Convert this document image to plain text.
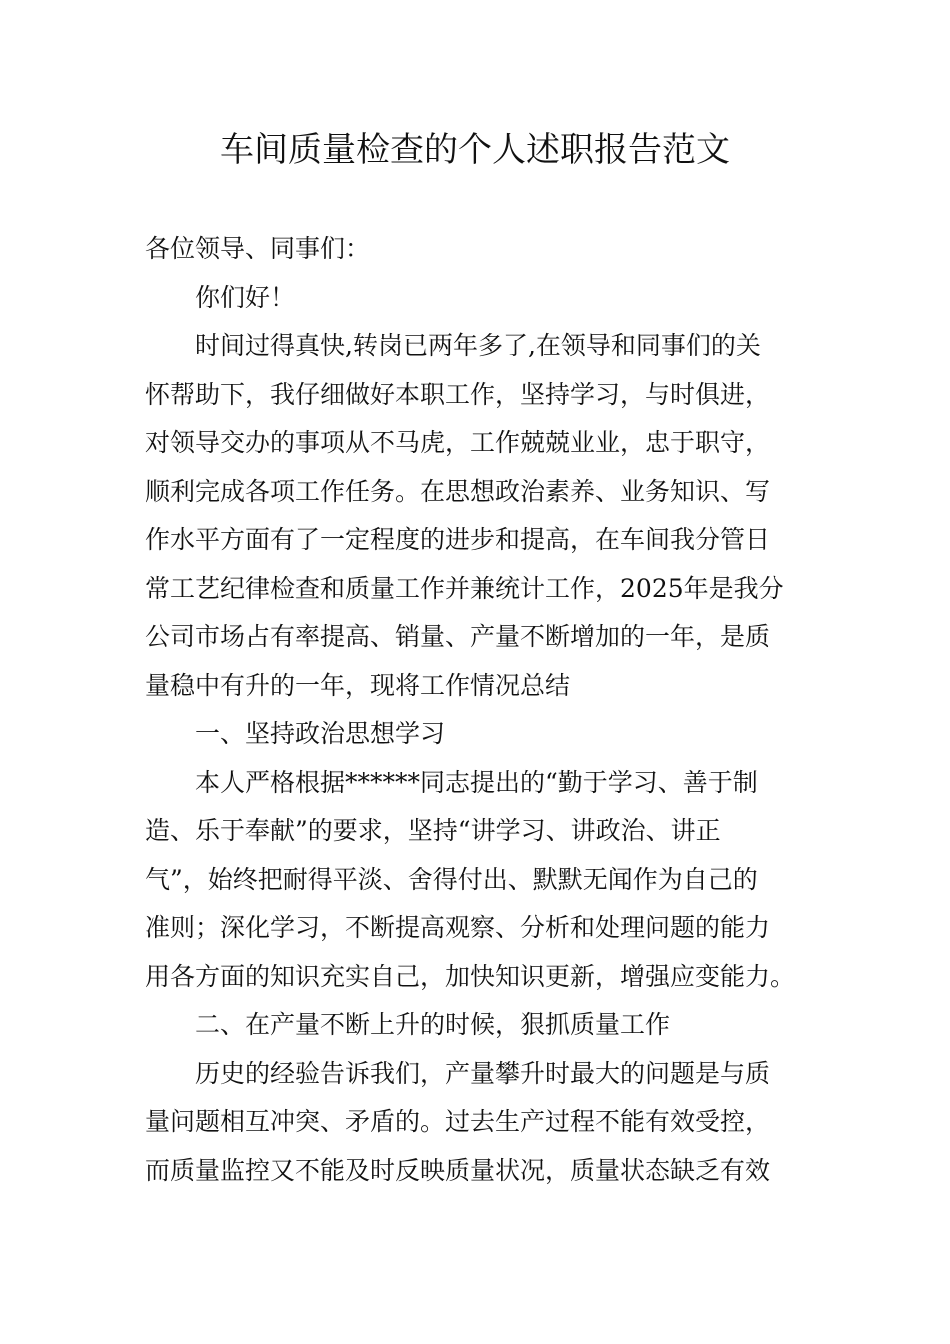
车间质量检查的个人述职报告范文

各位领导、同事们：

你们好！

时间过得真快,转岗已两年多了,在领导和同事们的关
怀帮助下，我仔细做好本职工作，坚持学习，与时俱进，
对领导交办的事项从不马虎，工作兢兢业业，忠于职守，
顺利完成各项工作任务。在思想政治素养、业务知识、写
作水平方面有了一定程度的进步和提高，在车间我分管日
常工艺纪律检查和质量工作并兼统计工作，2025年是我分
公司市场占有率提高、销量、产量不断增加的一年，是质
量稳中有升的一年，现将工作情况总结

一、坚持政治思想学习

本人严格根据******同志提出的“勤于学习、善于制
造、乐于奉献”的要求，坚持“讲学习、讲政治、讲正
气”，始终把耐得平淡、舍得付出、默默无闻作为自己的
准则；深化学习，不断提高观察、分析和处理问题的能力
用各方面的知识充实自己，加快知识更新，增强应变能力。

二、在产量不断上升的时候，狠抓质量工作

历史的经验告诉我们，产量攀升时最大的问题是与质
量问题相互冲突、矛盾的。过去生产过程不能有效受控，
而质量监控又不能及时反映质量状况，质量状态缺乏有效
